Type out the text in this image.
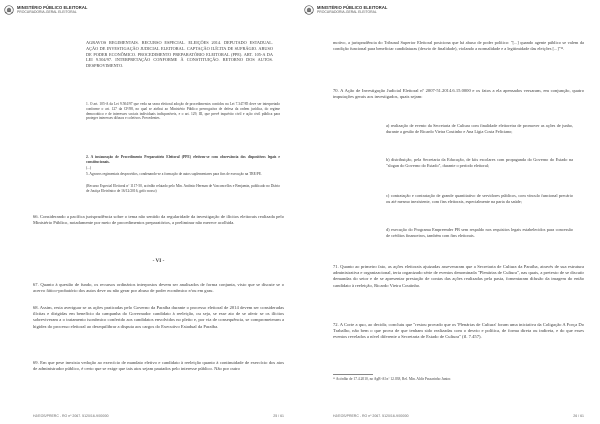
MINISTÉRIO PÚBLICO ELEITORAL
PROCURADORIA-GERAL ELEITORAL
AGRAVOS REGIMENTAIS. RECURSO ESPECIAL. ELEIÇÕES 2014. DEPUTADO ESTADUAL. AÇÃO DE INVESTIGAÇÃO JUDICIAL ELEITORAL. CAPTAÇÃO ILÍCITA DE SUFRÁGIO. ABUSO DE PODER ECONÔMICO. PROCEDIMENTO PREPARATÓRIO ELEITORAL (PPE). ART. 105-A DA LEI 9.504/97. INTERPRETAÇÃO CONFORME À CONSTITUIÇÃO. RETORNO DOS AUTOS. DESPROVIMENTO.
1. O art. 105-A da Lei 9.504/97 que veda na seara eleitoral adoção de procedimentos contidos na Lei 7.347/85 deve ser interpretado conforme o art. 127 da CF/88, no qual se atribui ao Ministério Público prerrogativa de defesa da ordem jurídica, do regime democrático e de interesses sociais individuais indisponíveis, e o art. 129, III, que prevê inquérito civil e ação civil pública para proteger interesses difusos e coletivos. Precedentes.
2. A instauração de Procedimento Preparatório Eleitoral (PPE) efetivou-se com observância dos dispositivos legais e constitucionais.
(...)
5. Agravos regimentais desprovidos, condenando-se a formação de autos suplementares para fins de execução na TRE/PE.
(Recurso Especial Eleitoral nº 1117-50, acórdão relatado pelo Min. Antônio Herman de Vasconcellos e Benjamin, publicado no Diário de Justiça Eletrônico de 16/12/2016, grifo nosso)
66. Considerando a pacífica jurisprudência sobre o tema não sentido da regularidade da investigação de ilícitos eleitorais realizada pelo Ministério Público, notadamente por meio de procedimentos preparatórios, a preliminar não merece acolhida.
- VI -
67. Quanto à questão de fundo, os recursos ordinários interpostos devem ser analisados de forma conjunta, visto que se discute se o acervo fático-probatório dos autos deve ou não gerar por abuso de poder econômico e/ou em grau.
68. Assim, resta averiguar se as ações praticadas pelo Governo da Paraíba durante o processo eleitoral de 2014 devem ser consideradas ilícitas e dirigidas em benefício da campanha do Governador candidato à reeleição, ou seja, se esse ato de se aferir se os ilícitos sobreviveram a o tratamento isonômico conferido aos candidatos envolvidos no pleito e, por via de consequência, se comprometeram a higidez do processo eleitoral ao desequilibrar a disputa aos cargos do Executivo Estadual da Paraíba.
69. Em que pese inexista vedação ao exercício de mandato eletivo e candidato à reeleição quanto à continuidade de exercício dos atos de administrador público, é certo que se exige que tais atos sejam pautados pelo interesse público. Não por outro
HJ/EOS/PRERC - RO nº 2067. 5120/16-9/00000	25 / 61
MINISTÉRIO PÚBLICO ELEITORAL
PROCURADORIA-GERAL ELEITORAL
motivo, a jurisprudência do Tribunal Superior Eleitoral posiciona que há abuso de poder político: "[...] quando agente público se valem da condição funcional para beneficiar candidaturas (desvio de finalidade), violando a normalidade e a legitimidade das eleições [...]"¹¹.
70. A Ação de Investigação Judicial Eleitoral nº 2007-51.2014.6.15.0000 e os fatos a ela apensados versaram, em conjunção, quatro imputações gerais aos investigados, quais sejam:
a) realização de evento da Secretaria de Cultura com finalidade eleitoreira de promover as ações de junho, durante a gestão de Ricardo Vieira Coutinho e Ana Lígia Costa Feliciano;
b) distribuição, pela Secretaria da Educação, de kits escolares com propaganda do Governo do Estado na "slogan do Governo do Estado", durante o período eleitoral;
c) contratação e contratação de grande quantitativo de servidores públicos, com vínculo funcional precário ou até mesmo inexistente, com fins eleitorais, especialmente na parta da saúde;
d) execução do Programa Empreender PB sem respaldo nos requisitos legais estabelecidos para concessão de créditos financeiros, também com fins eleitorais.
71. Quanto ao primeiro fato, as ações eleitorais ajuizadas asseveraram que a Secretaria de Cultura da Paraíba, através de sua estrutura administrativa e organizacional, teria organizado série de eventos denominada "Plenárias de Cultura", nas quais, a pretexto de se discutir demandas do setor e de se apresentar prestação de contas das ações realizadas pela pasta, fomentaram difusão da imagem do então candidato à reeleição, Ricardo Vieira Coutinho.
72. A Corte a quo, ao decidir, concluiu que "restou provado que os 'Plenárias de Cultura' foram uma iniciativa da Coligação A Força Do Trabalho, não bem o que prova de que tenham sido realizadas com o desvio e política, de forma direta ou indireta, e do que esses eventos revelados a nível diferente a Secretaria de Estado de Cultura" (fl. 7.457).
¹¹ Acórdão de 17.4.2010, no AgR-AI nº 12.038, Rel. Min. Aldir Passarinho Junior.
HJ/EOS/PRERC - RO nº 2067. 5120/16-9/00000	26 / 61
